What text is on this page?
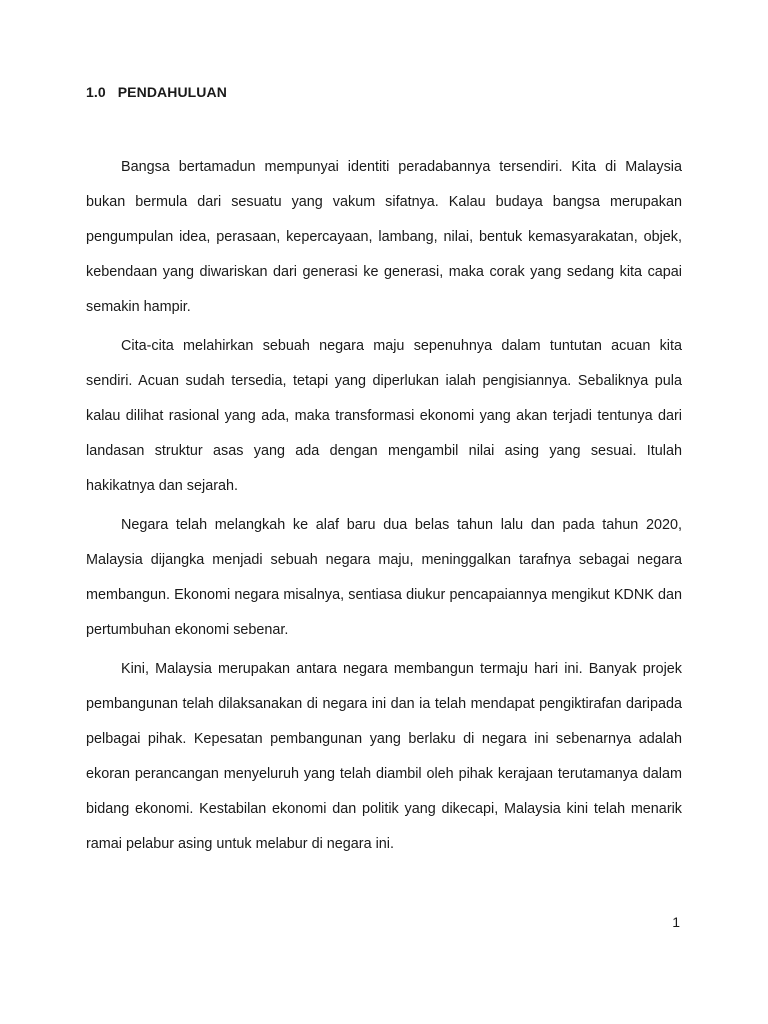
1.0   PENDAHULUAN

Bangsa bertamadun mempunyai identiti peradabannya tersendiri. Kita di Malaysia bukan bermula dari sesuatu yang vakum sifatnya. Kalau budaya bangsa merupakan pengumpulan idea, perasaan, kepercayaan, lambang, nilai, bentuk kemasyarakatan, objek, kebendaan yang diwariskan dari generasi ke generasi, maka corak yang sedang kita capai semakin hampir.

Cita-cita melahirkan sebuah negara maju sepenuhnya dalam tuntutan acuan kita sendiri. Acuan sudah tersedia, tetapi yang diperlukan ialah pengisiannya. Sebaliknya pula kalau dilihat rasional yang ada, maka transformasi ekonomi yang akan terjadi tentunya dari landasan struktur asas yang ada dengan mengambil nilai asing yang sesuai. Itulah hakikatnya dan sejarah.

Negara telah melangkah ke alaf baru dua belas tahun lalu dan pada tahun 2020, Malaysia dijangka menjadi sebuah negara maju, meninggalkan tarafnya sebagai negara membangun. Ekonomi negara misalnya, sentiasa diukur pencapaiannya mengikut KDNK dan pertumbuhan ekonomi sebenar.

Kini, Malaysia merupakan antara negara membangun termaju hari ini. Banyak projek pembangunan telah dilaksanakan di negara ini dan ia telah mendapat pengiktirafan daripada pelbagai pihak. Kepesatan pembangunan yang berlaku di negara ini sebenarnya adalah ekoran perancangan menyeluruh yang telah diambil oleh pihak kerajaan terutamanya dalam bidang ekonomi. Kestabilan ekonomi dan politik yang dikecapi, Malaysia kini telah menarik ramai pelabur asing untuk melabur di negara ini.

1
